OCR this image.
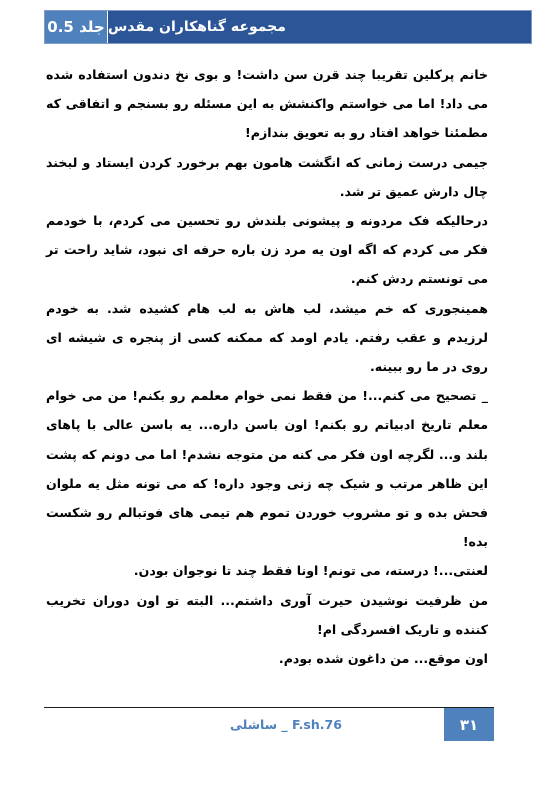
جلد 0.5 مجموعه گناهکاران مقدس

خانم پرکلین تقریبا چند قرن سن داشت! و بوی نخ دندون استفاده شده می داد! اما می خواستم واکنشش به این مسئله رو بسنجم و اتفاقی که مطمئنا خواهد افتاد رو به تعویق بندازم!

جیمی درست زمانی که انگشت هامون بهم برخورد کردن ایستاد و لبخند چال دارش عمیق تر شد.

درحالیکه فک مردونه و پیشونی بلندش رو تحسین می کردم، با خودمم فکر می کردم که اگه اون یه مرد زن باره حرفه ای نبود، شاید راحت تر می تونستم ردش کنم.

همینجوری که خم میشد، لب هاش به لب هام کشیده شد. به خودم لرزیدم و عقب رفتم. یادم اومد که ممکنه کسی از پنجره ی شیشه ای روی در ما رو ببینه.

_ تصحیح می کنم...! من فقط نمی خوام معلمم رو بکنم! من می خوام معلم تاریخ ادبیاتم رو بکنم! اون باسن داره... یه باسن عالی با پاهای بلند و... لگرچه اون فکر می کنه من متوجه نشدم! اما می دونم که پشت این ظاهر مرتب و شیک چه زنی وجود داره! که می تونه مثل یه ملوان فحش بده و تو مشروب خوردن تموم هم تیمی های فوتبالم رو شکست بده!

لعنتی...! درسته، می تونم! اونا فقط چند تا نوجوان بودن.

من ظرفیت نوشیدن حیرت آوری داشتم... البته تو اون دوران تخریب کننده و تاریک افسردگی ام!

اون موقع... من داغون شده بودم.

F.sh.76 _ ساشلی	۳۱
